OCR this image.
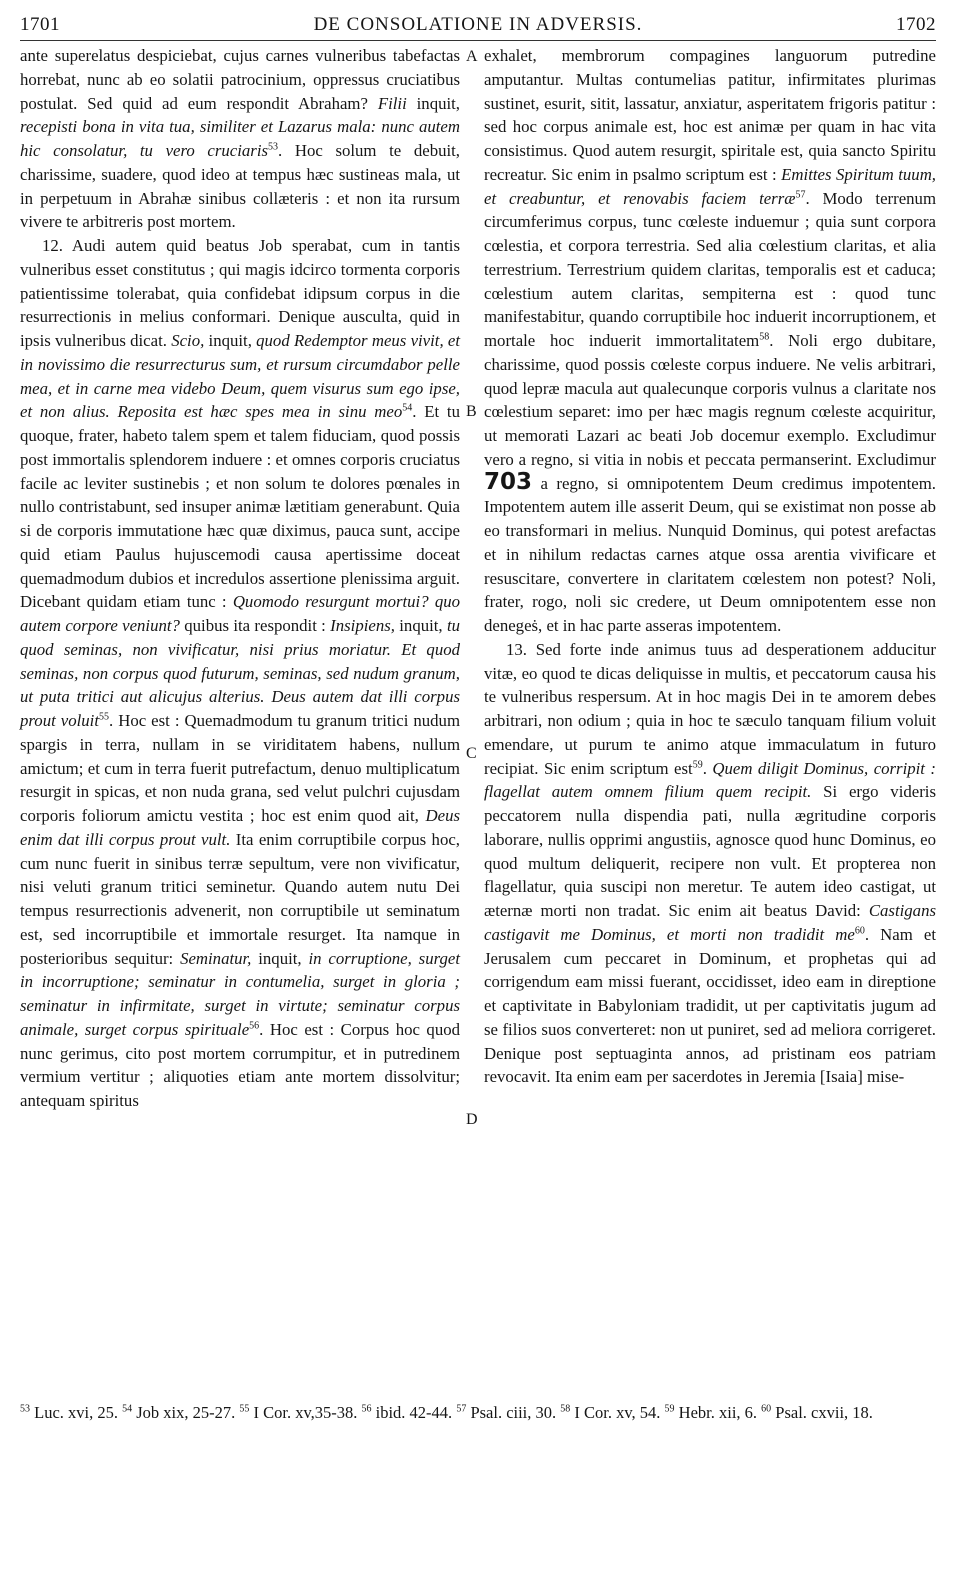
1701	DE CONSOLATIONE IN ADVERSIS.	1702

ante superelatus despiciebat, cujus carnes vulneribus tabefactas horrebat, nunc ab eo solatii patrocinium, oppressus cruciatibus postulat. Sed quid ad eum respondit Abraham? Filii inquit, recepisti bona in vita tua, similiter et Lazarus mala: nunc autem hic consolatur, tu vero cruciaris$^{53}$. Hoc solum te debuit, charissime, suadere, quod ideo at tempus hæc sustineas mala, ut in perpetuum in Abrahæ sinibus collæteris : et non ita rursum vivere te arbitreris post mortem.

12. Audi autem quid beatus Job sperabat, cum in tantis vulneribus esset constitutus ; qui magis idcirco tormenta corporis patientissime tolerabat, quia confidebat idipsum corpus in die resurrectionis in melius conformari. Denique ausculta, quid in ipsis vulneribus dicat. Scio, inquit, quod Redemptor meus vivit, et in novissimo die resurrecturus sum, et rursum circumdabor pelle mea, et in carne mea videbo Deum, quem visurus sum ego ipse, et non alius. Reposita est hæc spes mea in sinu meo$^{54}$. Et tu quoque, frater, habeto talem spem et talem fiduciam, quod possis post immortalis splendorem induere : et omnes corporis cruciatus facile ac leviter sustinebis ; et non solum te dolores pœnales in nullo contristabunt, sed insuper animæ lætitiam generabunt. Quia si de corporis immutatione hæc quæ diximus, pauca sunt, accipe quid etiam Paulus hujuscemodi causa apertissime doceat quemadmodum dubios et incredulos assertione plenissima arguit. Dicebant quidam etiam tunc : Quomodo resurgunt mortui? quo autem corpore veniunt? quibus ita respondit : Insipiens, inquit, tu quod seminas, non vivificatur, nisi prius moriatur. Et quod seminas, non corpus quod futurum, seminas, sed nudum granum, ut puta tritici aut alicujus alterius. Deus autem dat illi corpus prout voluit$^{55}$. Hoc est : Quemadmodum tu granum tritici nudum spargis in terra, nullam in se viriditatem habens, nullum amictum; et cum in terra fuerit putrefactum, denuo multiplicatum resurgit in spicas, et non nuda grana, sed velut pulchri cujusdam corporis foliorum amictu vestita ; hoc est enim quod ait, Deus enim dat illi corpus prout vult. Ita enim corruptibile corpus hoc, cum nunc fuerit in sinibus terræ sepultum, vere non vivificatur, nisi veluti granum tritici seminetur. Quando autem nutu Dei tempus resurrectionis advenerit, non corruptibile ut seminatum est, sed incorruptibile et immortale resurget. Ita namque in posterioribus sequitur: Seminatur, inquit, in corruptione, surget in incorruptione; seminatur in contumelia, surget in gloria ; seminatur in infirmitate, surget in virtute; seminatur corpus animale, surget corpus spirituale$^{56}$. Hoc est : Corpus hoc quod nunc gerimus, cito post mortem corrumpitur, et in putredinem vermium vertitur ; aliquoties etiam ante mortem dissolvitur; antequam spiritus

A
B
C
D

exhalet, membrorum compagines languorum putredine amputantur. Multas contumelias patitur, infirmitates plurimas sustinet, esurit, sitit, lassatur, anxiatur, asperitatem frigoris patitur : sed hoc corpus animale est, hoc est animæ per quam in hac vita consistimus. Quod autem resurgit, spiritale est, quia sancto Spiritu recreatur. Sic enim in psalmo scriptum est : Emittes Spiritum tuum, et creabuntur, et renovabis faciem terræ$^{57}$. Modo terrenum circumferimus corpus, tunc cœleste induemur ; quia sunt corpora cœlestia, et corpora terrestria. Sed alia cœlestium claritas, et alia terrestrium. Terrestrium quidem claritas, temporalis est et caduca; cœlestium autem claritas, sempiterna est : quod tunc manifestabitur, quando corruptibile hoc induerit incorruptionem, et mortale hoc induerit immortalitatem$^{58}$. Noli ergo dubitare, charissime, quod possis cœleste corpus induere. Ne velis arbitrari, quod lepræ macula aut qualecunque corporis vulnus a claritate nos cœlestium separet: imo per hæc magis regnum cœleste acquiritur, ut memorati Lazari ac beati Job docemur exemplo. Excludimur vero a regno, si vitia in nobis et peccata permanserint. Excludimur 703 a regno, si omnipotentem Deum credimus impotentem. Impotentem autem ille asserit Deum, qui se existimat non posse ab eo transformari in melius. Nunquid Dominus, qui potest arefactas et in nihilum redactas carnes atque ossa arentia vivificare et resuscitare, convertere in claritatem cœlestem non potest? Noli, frater, rogo, noli sic credere, ut Deum omnipotentem esse non denegeṡ, et in hac parte asseras impotentem.

13. Sed forte inde animus tuus ad desperationem adducitur vitæ, eo quod te dicas deliquisse in multis, et peccatorum causa his te vulneribus respersum. At in hoc magis Dei in te amorem debes arbitrari, non odium ; quia in hoc te sæculo tanquam filium voluit emendare, ut purum te animo atque immaculatum in futuro recipiat. Sic enim scriptum est$^{59}$. Quem diligit Dominus, corripit : flagellat autem omnem filium quem recipit. Si ergo videris peccatorem nulla dispendia pati, nulla ægritudine corporis laborare, nullis opprimi angustiis, agnosce quod hunc Dominus, eo quod multum deliquerit, recipere non vult. Et propterea non flagellatur, quia suscipi non meretur. Te autem ideo castigat, ut æternæ morti non tradat. Sic enim ait beatus David: Castigans castigavit me Dominus, et morti non tradidit $me^{60}$. Nam et Jerusalem cum peccaret in Dominum, et prophetas qui ad corrigendum eam missi fuerant, occidisset, ideo eam in direptione et captivitate in Babyloniam tradidit, ut per captivitatis jugum ad se filios suos converteret: non ut puniret, sed ad meliora corrigeret. Denique post septuaginta annos, ad pristinam eos patriam revocavit. Ita enim eam per sacerdotes in Jeremia [Isaia] mise-

$^{53}$ Luc. xvi, 25. $^{54}$ Job xix, 25-27. $^{55}$ I Cor. xv,35-38. $^{56}$ ibid. 42-44. $^{57}$ Psal. ciii, 30. $^{58}$ I Cor. xv, 54. $^{59}$ Hebr. xii, 6. $^{60}$ Psal. cxvii, 18.
